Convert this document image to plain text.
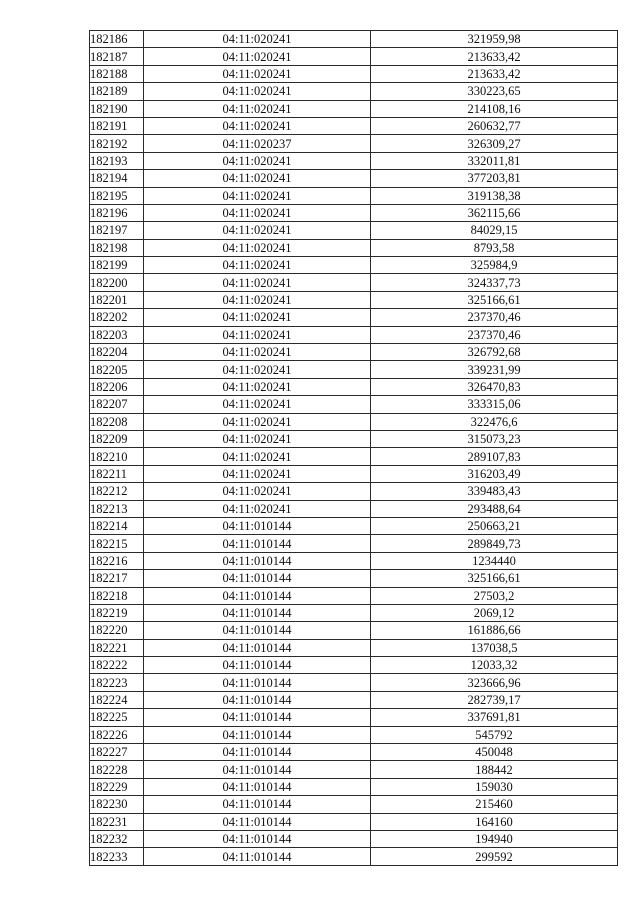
182186	04:11:020241	321959,98
182187	04:11:020241	213633,42
182188	04:11:020241	213633,42
182189	04:11:020241	330223,65
182190	04:11:020241	214108,16
182191	04:11:020241	260632,77
182192	04:11:020237	326309,27
182193	04:11:020241	332011,81
182194	04:11:020241	377203,81
182195	04:11:020241	319138,38
182196	04:11:020241	362115,66
182197	04:11:020241	84029,15
182198	04:11:020241	8793,58
182199	04:11:020241	325984,9
182200	04:11:020241	324337,73
182201	04:11:020241	325166,61
182202	04:11:020241	237370,46
182203	04:11:020241	237370,46
182204	04:11:020241	326792,68
182205	04:11:020241	339231,99
182206	04:11:020241	326470,83
182207	04:11:020241	333315,06
182208	04:11:020241	322476,6
182209	04:11:020241	315073,23
182210	04:11:020241	289107,83
182211	04:11:020241	316203,49
182212	04:11:020241	339483,43
182213	04:11:020241	293488,64
182214	04:11:010144	250663,21
182215	04:11:010144	289849,73
182216	04:11:010144	1234440
182217	04:11:010144	325166,61
182218	04:11:010144	27503,2
182219	04:11:010144	2069,12
182220	04:11:010144	161886,66
182221	04:11:010144	137038,5
182222	04:11:010144	12033,32
182223	04:11:010144	323666,96
182224	04:11:010144	282739,17
182225	04:11:010144	337691,81
182226	04:11:010144	545792
182227	04:11:010144	450048
182228	04:11:010144	188442
182229	04:11:010144	159030
182230	04:11:010144	215460
182231	04:11:010144	164160
182232	04:11:010144	194940
182233	04:11:010144	299592
